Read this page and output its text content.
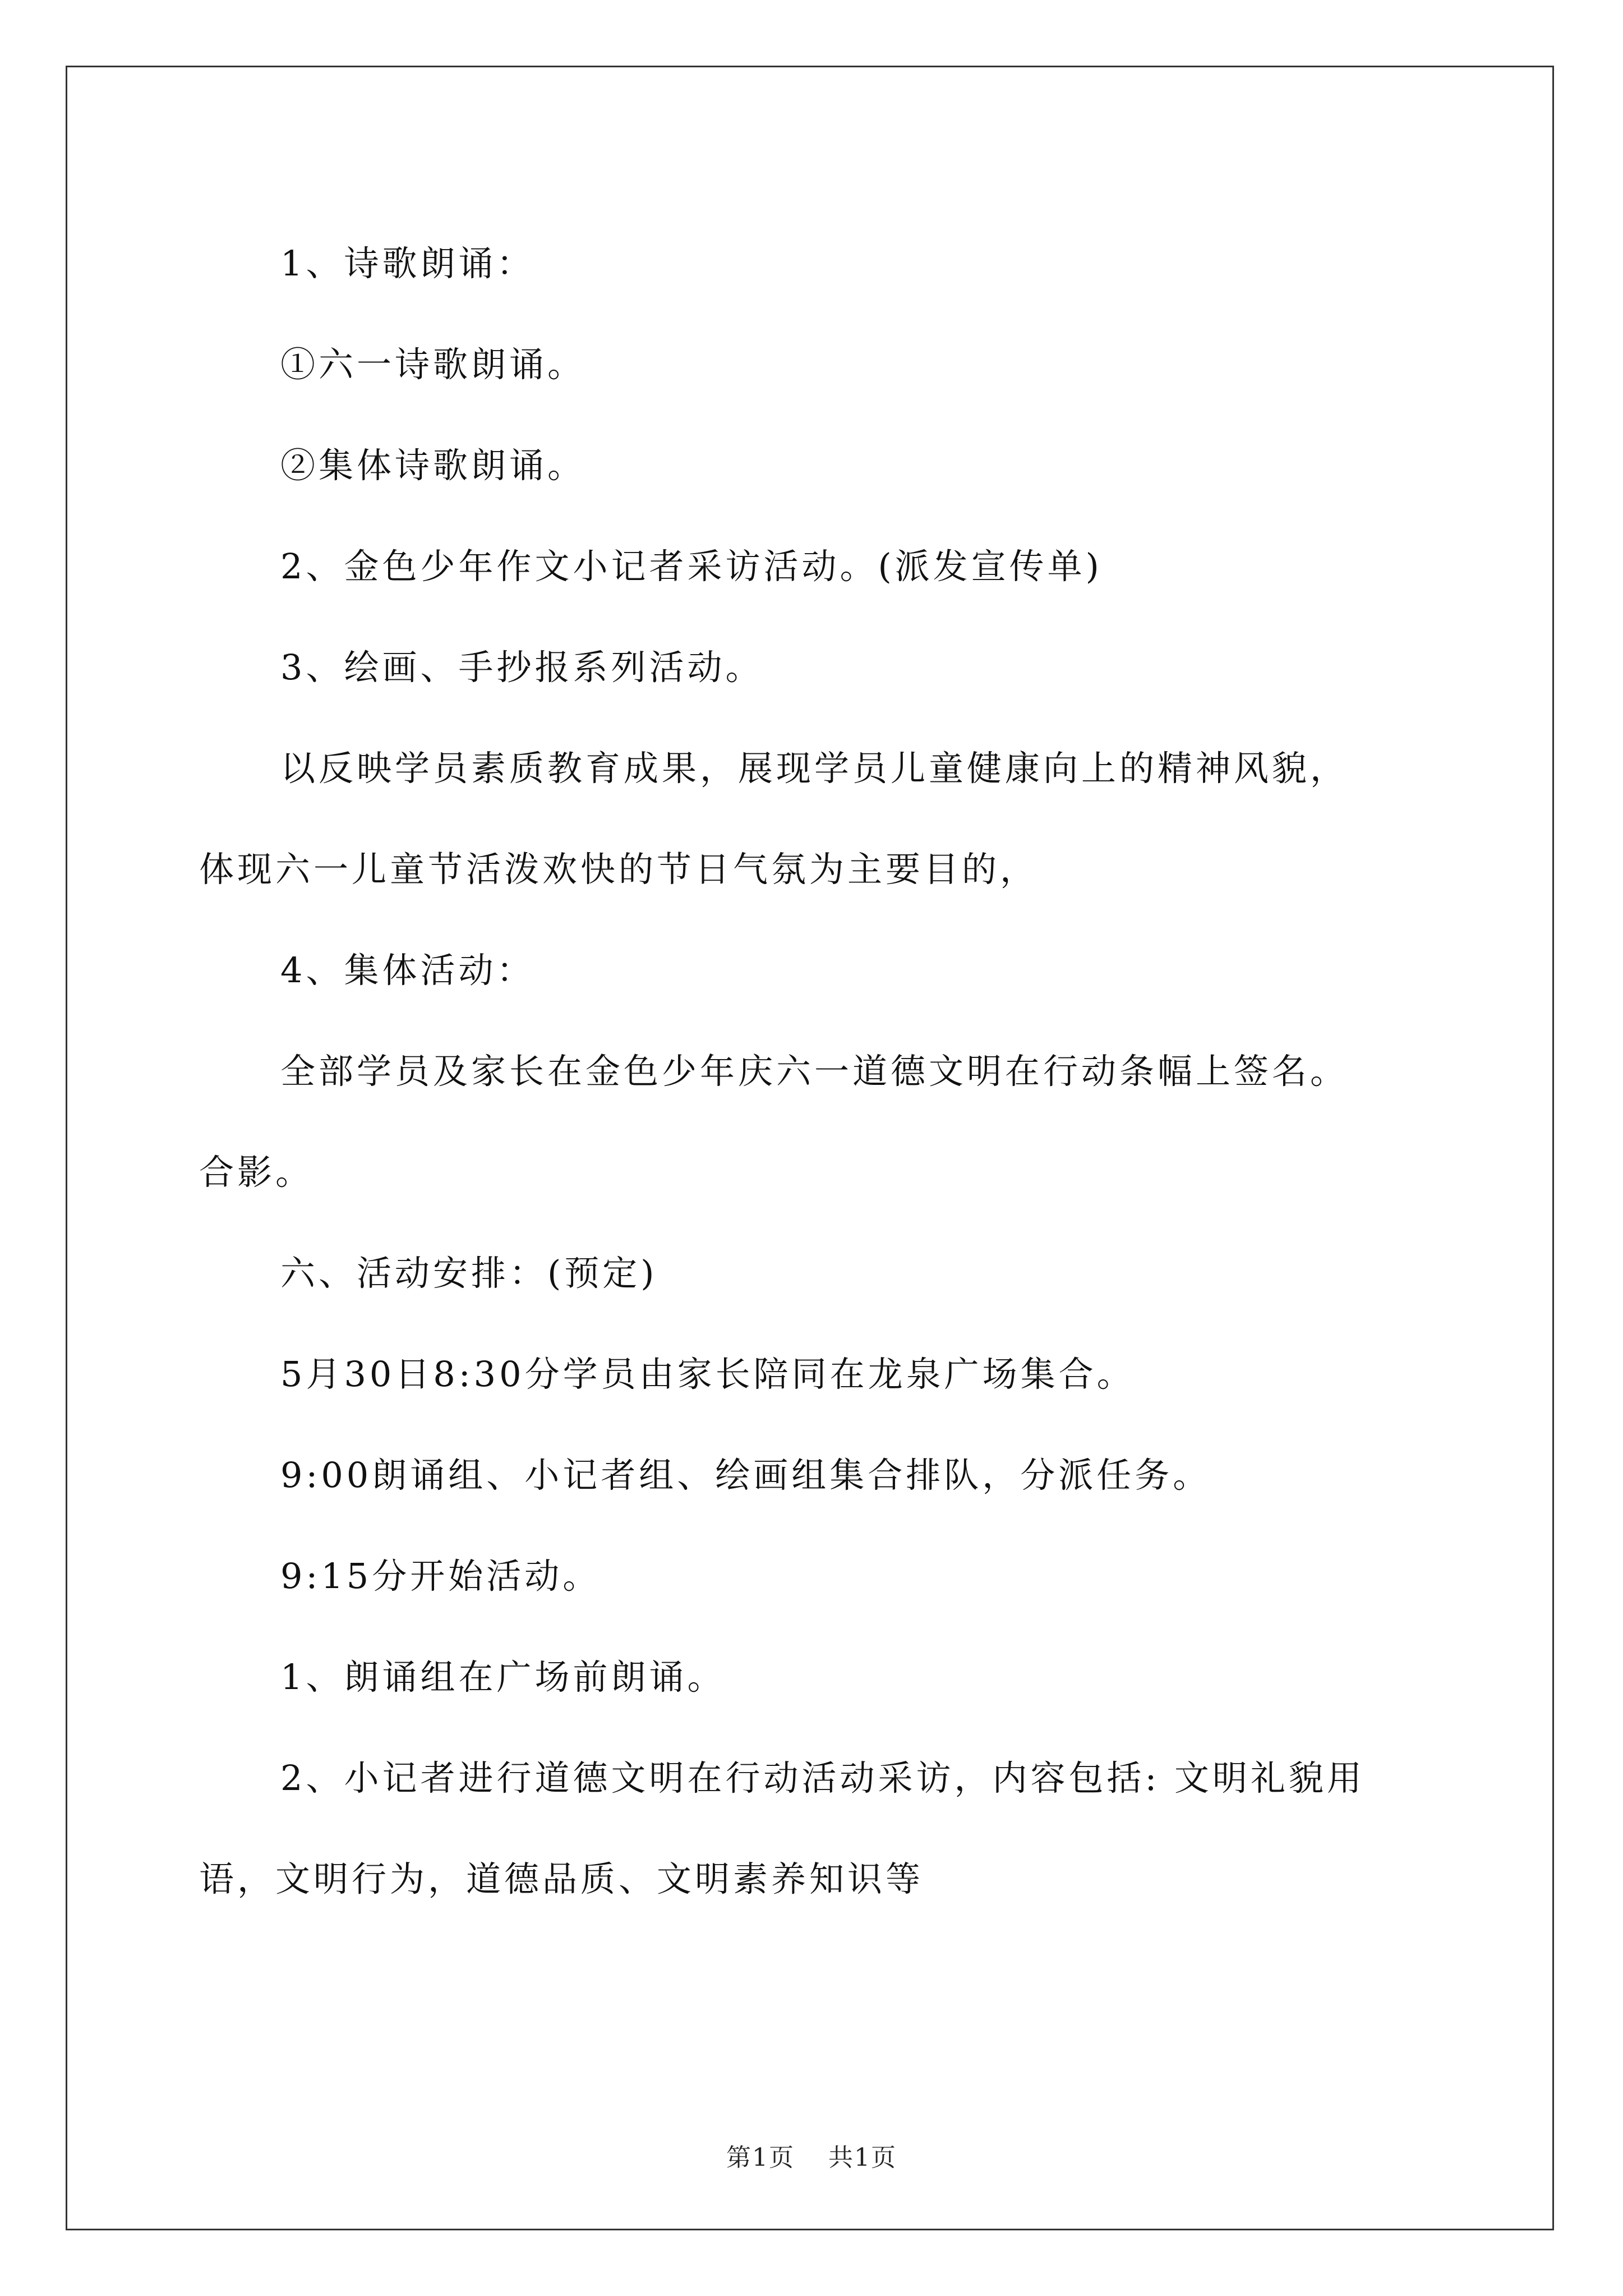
1、诗歌朗诵：

①六一诗歌朗诵。

②集体诗歌朗诵。

2、金色少年作文小记者采访活动。(派发宣传单)

3、绘画、手抄报系列活动。

以反映学员素质教育成果，展现学员儿童健康向上的精神风貌，

体现六一儿童节活泼欢快的节日气氛为主要目的，

4、集体活动：

全部学员及家长在金色少年庆六一道德文明在行动条幅上签名。

合影。

六、活动安排：(预定)

5月30日8:30分学员由家长陪同在龙泉广场集合。

9:00朗诵组、小记者组、绘画组集合排队，分派任务。

9:15分开始活动。

1、朗诵组在广场前朗诵。

2、小记者进行道德文明在行动活动采访，内容包括: 文明礼貌用

语，文明行为，道德品质、文明素养知识等

第1页 共1页
